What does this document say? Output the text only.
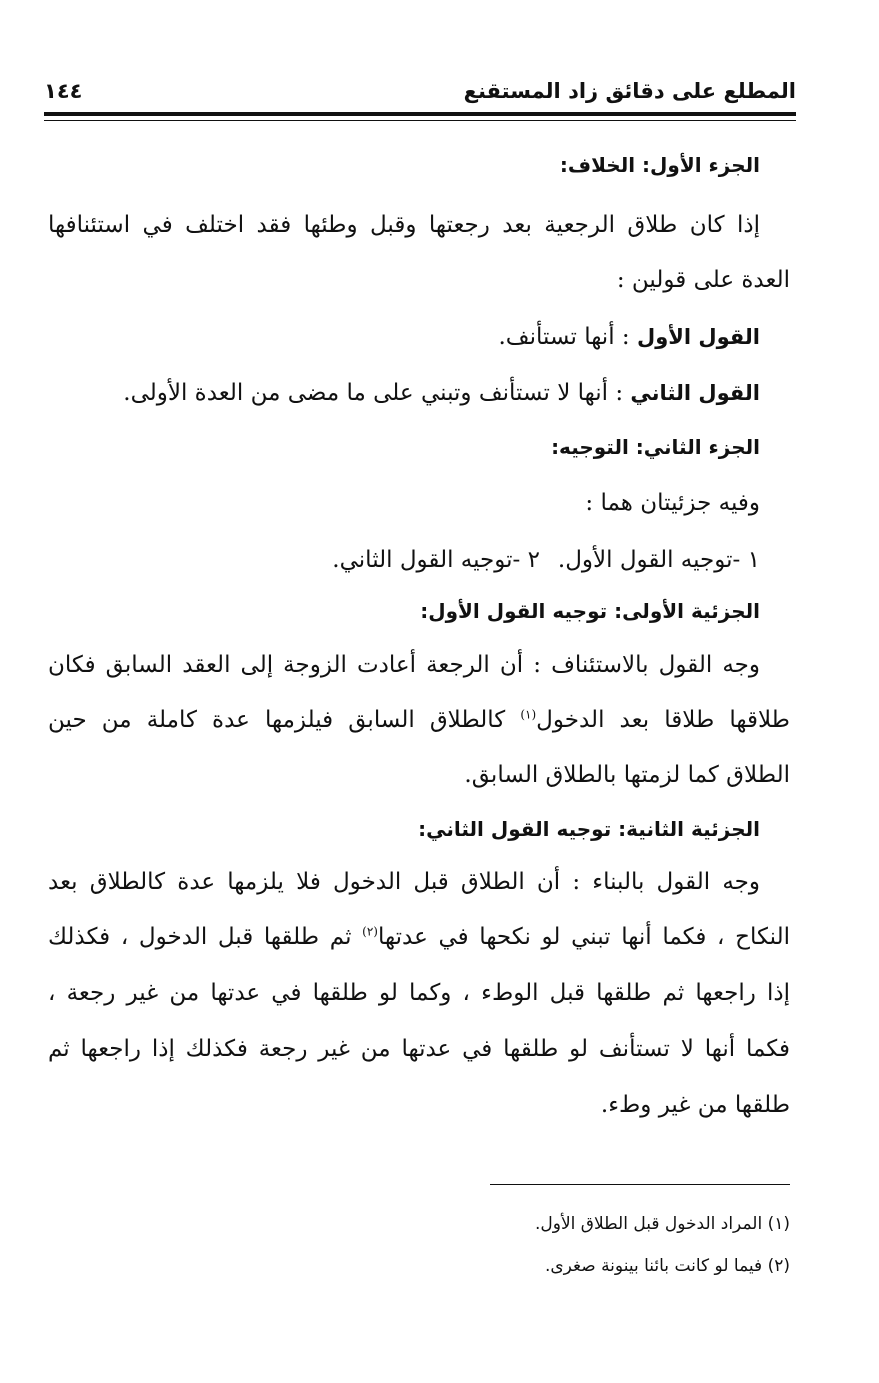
المطلع على دقائق زاد المستقنع
١٤٤
الجزء الأول: الخلاف:
إذا كان طلاق الرجعية بعد رجعتها وقبل وطئها فقد اختلف في استئنافها
العدة على قولين :
القول الأول : أنها تستأنف.
القول الثاني : أنها لا تستأنف وتبني على ما مضى من العدة الأولى.
الجزء الثاني: التوجيه:
وفيه جزئيتان هما :
١ -توجيه القول الأول.
٢ -توجيه القول الثاني.
الجزئية الأولى: توجيه القول الأول:
وجه القول بالاستئناف : أن الرجعة أعادت الزوجة إلى العقد السابق فكان
طلاقها طلاقا بعد الدخول$^{(١)}$ كالطلاق السابق فيلزمها عدة كاملة من حين
الطلاق كما لزمتها بالطلاق السابق.
الجزئية الثانية: توجيه القول الثاني:
وجه القول بالبناء : أن الطلاق قبل الدخول فلا يلزمها عدة كالطلاق بعد
النكاح ، فكما أنها تبني لو نكحها في عدتها$^{(٢)}$ ثم طلقها قبل الدخول ، فكذلك
إذا راجعها ثم طلقها قبل الوطء ، وكما لو طلقها في عدتها من غير رجعة ،
فكما أنها لا تستأنف لو طلقها في عدتها من غير رجعة فكذلك إذا راجعها ثم
طلقها من غير وطء.
(١) المراد الدخول قبل الطلاق الأول.
(٢) فيما لو كانت بائنا بينونة صغرى.
